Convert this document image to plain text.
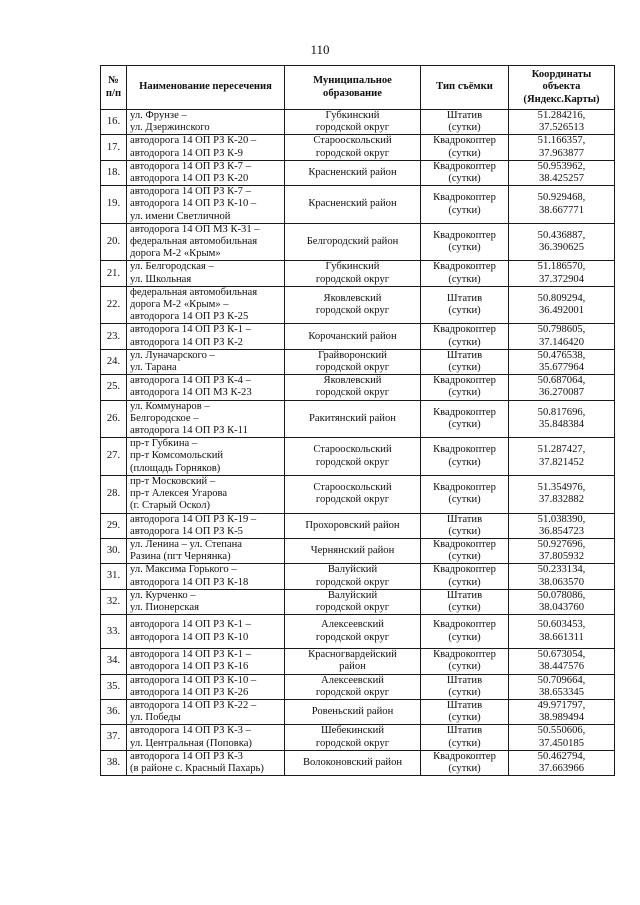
110
№ п/п	Наименование пересечения	Муниципальное образование	Тип съёмки	Координаты объекта (Яндекс.Карты)
16.	ул. Фрунзе –
ул. Дзержинского	Губкинский
городской округ	Штатив
(сутки)	51.284216,
37.526513
17.	автодорога 14 ОП РЗ К-20 –
автодорога 14 ОП РЗ К-9	Старооскольский
городской округ	Квадрокоптер
(сутки)	51.166357,
37.963877
18.	автодорога 14 ОП РЗ К-7 –
автодорога 14 ОП РЗ К-20	Красненский район	Квадрокоптер
(сутки)	50.953962,
38.425257
19.	автодорога 14 ОП РЗ К-7 –
автодорога 14 ОП РЗ К-10 –
ул. имени Светличной	Красненский район	Квадрокоптер
(сутки)	50.929468,
38.667771
20.	автодорога 14 ОП МЗ К-31 –
федеральная автомобильная
дорога М-2 «Крым»	Белгородский район	Квадрокоптер
(сутки)	50.436887,
36.390625
21.	ул. Белгородская –
ул. Школьная	Губкинский
городской округ	Квадрокоптер
(сутки)	51.186570,
37.372904
22.	федеральная автомобильная
дорога М-2 «Крым» –
автодорога 14 ОП РЗ К-25	Яковлевский
городской округ	Штатив
(сутки)	50.809294,
36.492001
23.	автодорога 14 ОП РЗ К-1 –
автодорога 14 ОП РЗ К-2	Корочанский район	Квадрокоптер
(сутки)	50.798605,
37.146420
24.	ул. Луначарского –
ул. Тарана	Грайворонский
городской округ	Штатив
(сутки)	50.476538,
35.677964
25.	автодорога 14 ОП РЗ К-4 –
автодорога 14 ОП МЗ К-23	Яковлевский
городской округ	Квадрокоптер
(сутки)	50.687064,
36.270087
26.	ул. Коммунаров –
Белгородское –
автодорога 14 ОП РЗ К-11	Ракитянский район	Квадрокоптер
(сутки)	50.817696,
35.848384
27.	пр-т Губкина –
пр-т Комсомольский
(площадь Горняков)	Старооскольский
городской округ	Квадрокоптер
(сутки)	51.287427,
37.821452
28.	пр-т Московский –
пр-т Алексея Угарова
(г. Старый Оскол)	Старооскольский
городской округ	Квадрокоптер
(сутки)	51.354976,
37.832882
29.	автодорога 14 ОП РЗ К-19 –
автодорога 14 ОП РЗ К-5	Прохоровский район	Штатив
(сутки)	51.038390,
36.854723
30.	ул. Ленина – ул. Степана
Разина (пгт Чернянка)	Чернянский район	Квадрокоптер
(сутки)	50.927696,
37.805932
31.	ул. Максима Горького –
автодорога 14 ОП РЗ К-18	Валуйский
городской округ	Квадрокоптер
(сутки)	50.233134,
38.063570
32.	ул. Курченко –
ул. Пионерская	Валуйский
городской округ	Штатив
(сутки)	50.078086,
38.043760
33.	автодорога 14 ОП РЗ К-1 –
автодорога 14 ОП РЗ К-10	Алексеевский
городской округ	Квадрокоптер
(сутки)	50.603453,
38.661311
34.	автодорога 14 ОП РЗ К-1 –
автодорога 14 ОП РЗ К-16	Красногвардейский
район	Квадрокоптер
(сутки)	50.673054,
38.447576
35.	автодорога 14 ОП РЗ К-10 –
автодорога 14 ОП РЗ К-26	Алексеевский
городской округ	Штатив
(сутки)	50.709664,
38.653345
36.	автодорога 14 ОП РЗ К-22 –
ул. Победы	Ровеньский район	Штатив
(сутки)	49.971797,
38.989494
37.	автодорога 14 ОП РЗ К-3 –
ул. Центральная (Поповка)	Шебекинский
городской округ	Штатив
(сутки)	50.550606,
37.450185
38.	автодорога 14 ОП РЗ К-3
(в районе с. Красный Пахарь)	Волоконовский район	Квадрокоптер
(сутки)	50.462794,
37.663966
